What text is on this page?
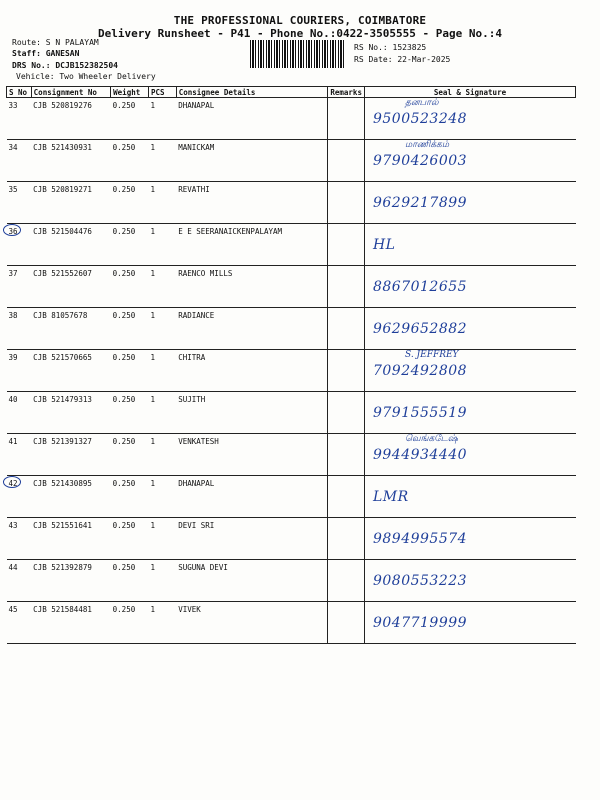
THE PROFESSIONAL COURIERS, COIMBATORE
Delivery Runsheet - P41 - Phone No.:0422-3505555 - Page No.:4
Route: S N PALAYAM
Staff: GANESAN
DRS No.: DCJB152382504
Vehicle: Two Wheeler Delivery
RS No.: 1523825
RS Date: 22-Mar-2025
S No	Consignment No	Weight	PCS	Consignee Details	Remarks	Seal & Signature
33	CJB 520819276	0.250	1	DHANAPAL		தனபால்
9500523248

34	CJB 521430931	0.250	1	MANICKAM		மாணிக்கம்
9790426003

35	CJB 520819271	0.250	1	REVATHI		9629217899

36	CJB 521504476	0.250	1	E E SEERANAICKENPALAYAM		HL

37	CJB 521552607	0.250	1	RAENCO MILLS		8867012655

38	CJB 81057678	0.250	1	RADIANCE		9629652882

39	CJB 521570665	0.250	1	CHITRA		S. JEFFREY
7092492808

40	CJB 521479313	0.250	1	SUJITH		9791555519

41	CJB 521391327	0.250	1	VENKATESH		வெங்கடேஷ்
9944934440

42	CJB 521430895	0.250	1	DHANAPAL		LMR

43	CJB 521551641	0.250	1	DEVI SRI		9894995574

44	CJB 521392879	0.250	1	SUGUNA DEVI		9080553223

45	CJB 521584481	0.250	1	VIVEK		9047719999
